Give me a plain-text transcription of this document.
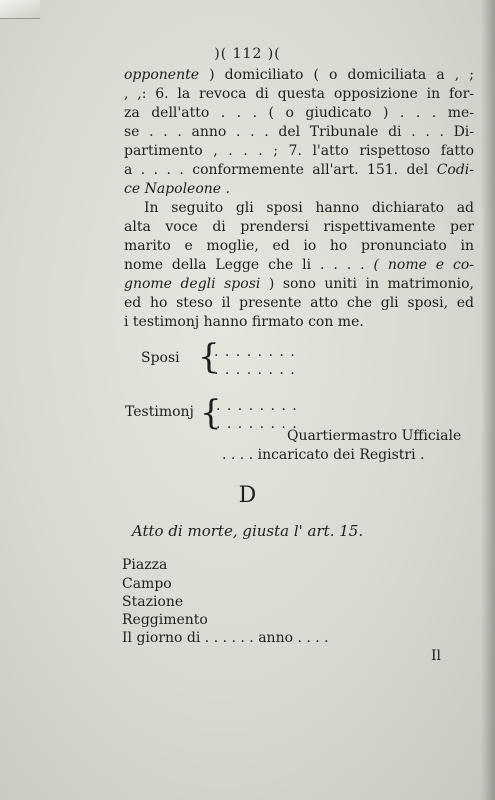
)( 112 )(
opponente ) domiciliato ( o domiciliata a , ;
, ,: 6. la revoca di questa opposizione in for-
za dell'atto . . . ( o giudicato ) . . . me-
se . . . anno . . . del Tribunale di . . . Di-
partimento , . . . ; 7. l'atto rispettoso fatto
a . . . . conformemente all'art. 151. del Codi-
ce Napoleone .
In seguito gli sposi hanno dichiarato ad
alta voce di prendersi rispettivamente per
marito e moglie, ed io ho pronunciato in
nome della Legge che li . . . . ( nome e co-
gnome degli sposi ) sono uniti in matrimonio,
ed ho steso il presente atto che gli sposi, ed
i testimonj hanno firmato con me.
Sposi {
. . . . . . . .
. . . . . . . .
Testimonj {
. . . . . . . .
. . . . . . . .
Quartiermastro Ufficiale
. . . . incaricato dei Registri .
D
Atto di morte, giusta l' art. 15.
Piazza
Campo
Stazione
Reggimento
Il giorno di . . . . . . anno . . . .
Il
